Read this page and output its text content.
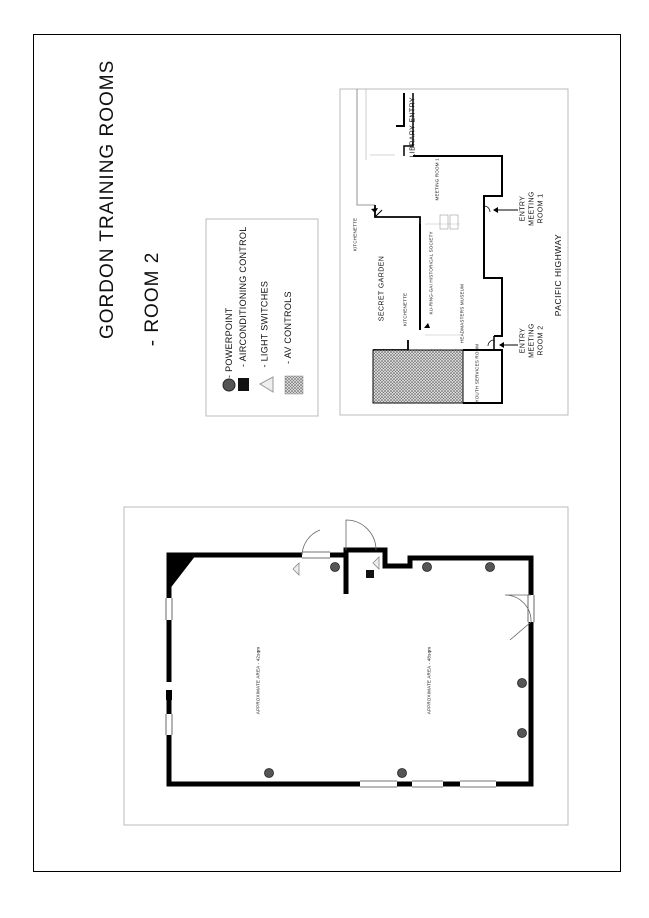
GORDON TRAINING ROOMS - ROOM 2	- POWERPOINT - AIRCONDITIONING CONTROL - LIGHT SWITCHES - AV CONTROLS
LIBRARY ENTRY
MEETING ROOM 1
ENTRY MEETING ROOM 1
KITCHENETTE
SECRET GARDEN	KU-RING-GAI HISTORICAL SOCIETY
KITCHENETTE	HEADMASTERS MUSEUM
YOUTH SERVICES ROOM
ENTRY MEETING ROOM 2
PACIFIC HIGHWAY
APPROXIMATE AREA - 42sqm	APPROXIMATE AREA - 48sqm
